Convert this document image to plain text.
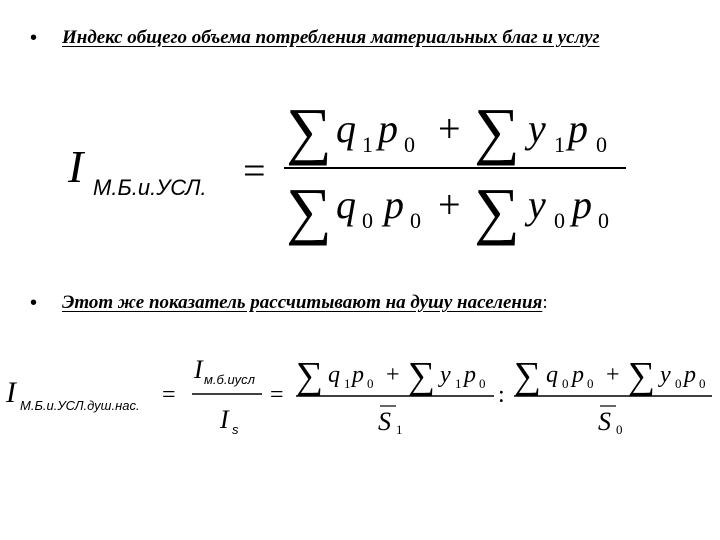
•	Индекс общего объема потребления материальных благ и услуг
I М.Б.и.УСЛ. =
∑ q 1 p 0 + ∑ y 1 p 0
∑ q 0 p 0 + ∑ y 0 p 0
•	Этот же показатель рассчитывают на душу населения:
I М.Б.и.УСЛ.душ.нас. =
I м.б.иусл
I s
= ∑ q 1 p 0 + ∑ y 1 p 0
S 1
: ∑ q 0 p 0 + ∑ y 0 p 0
S 0
